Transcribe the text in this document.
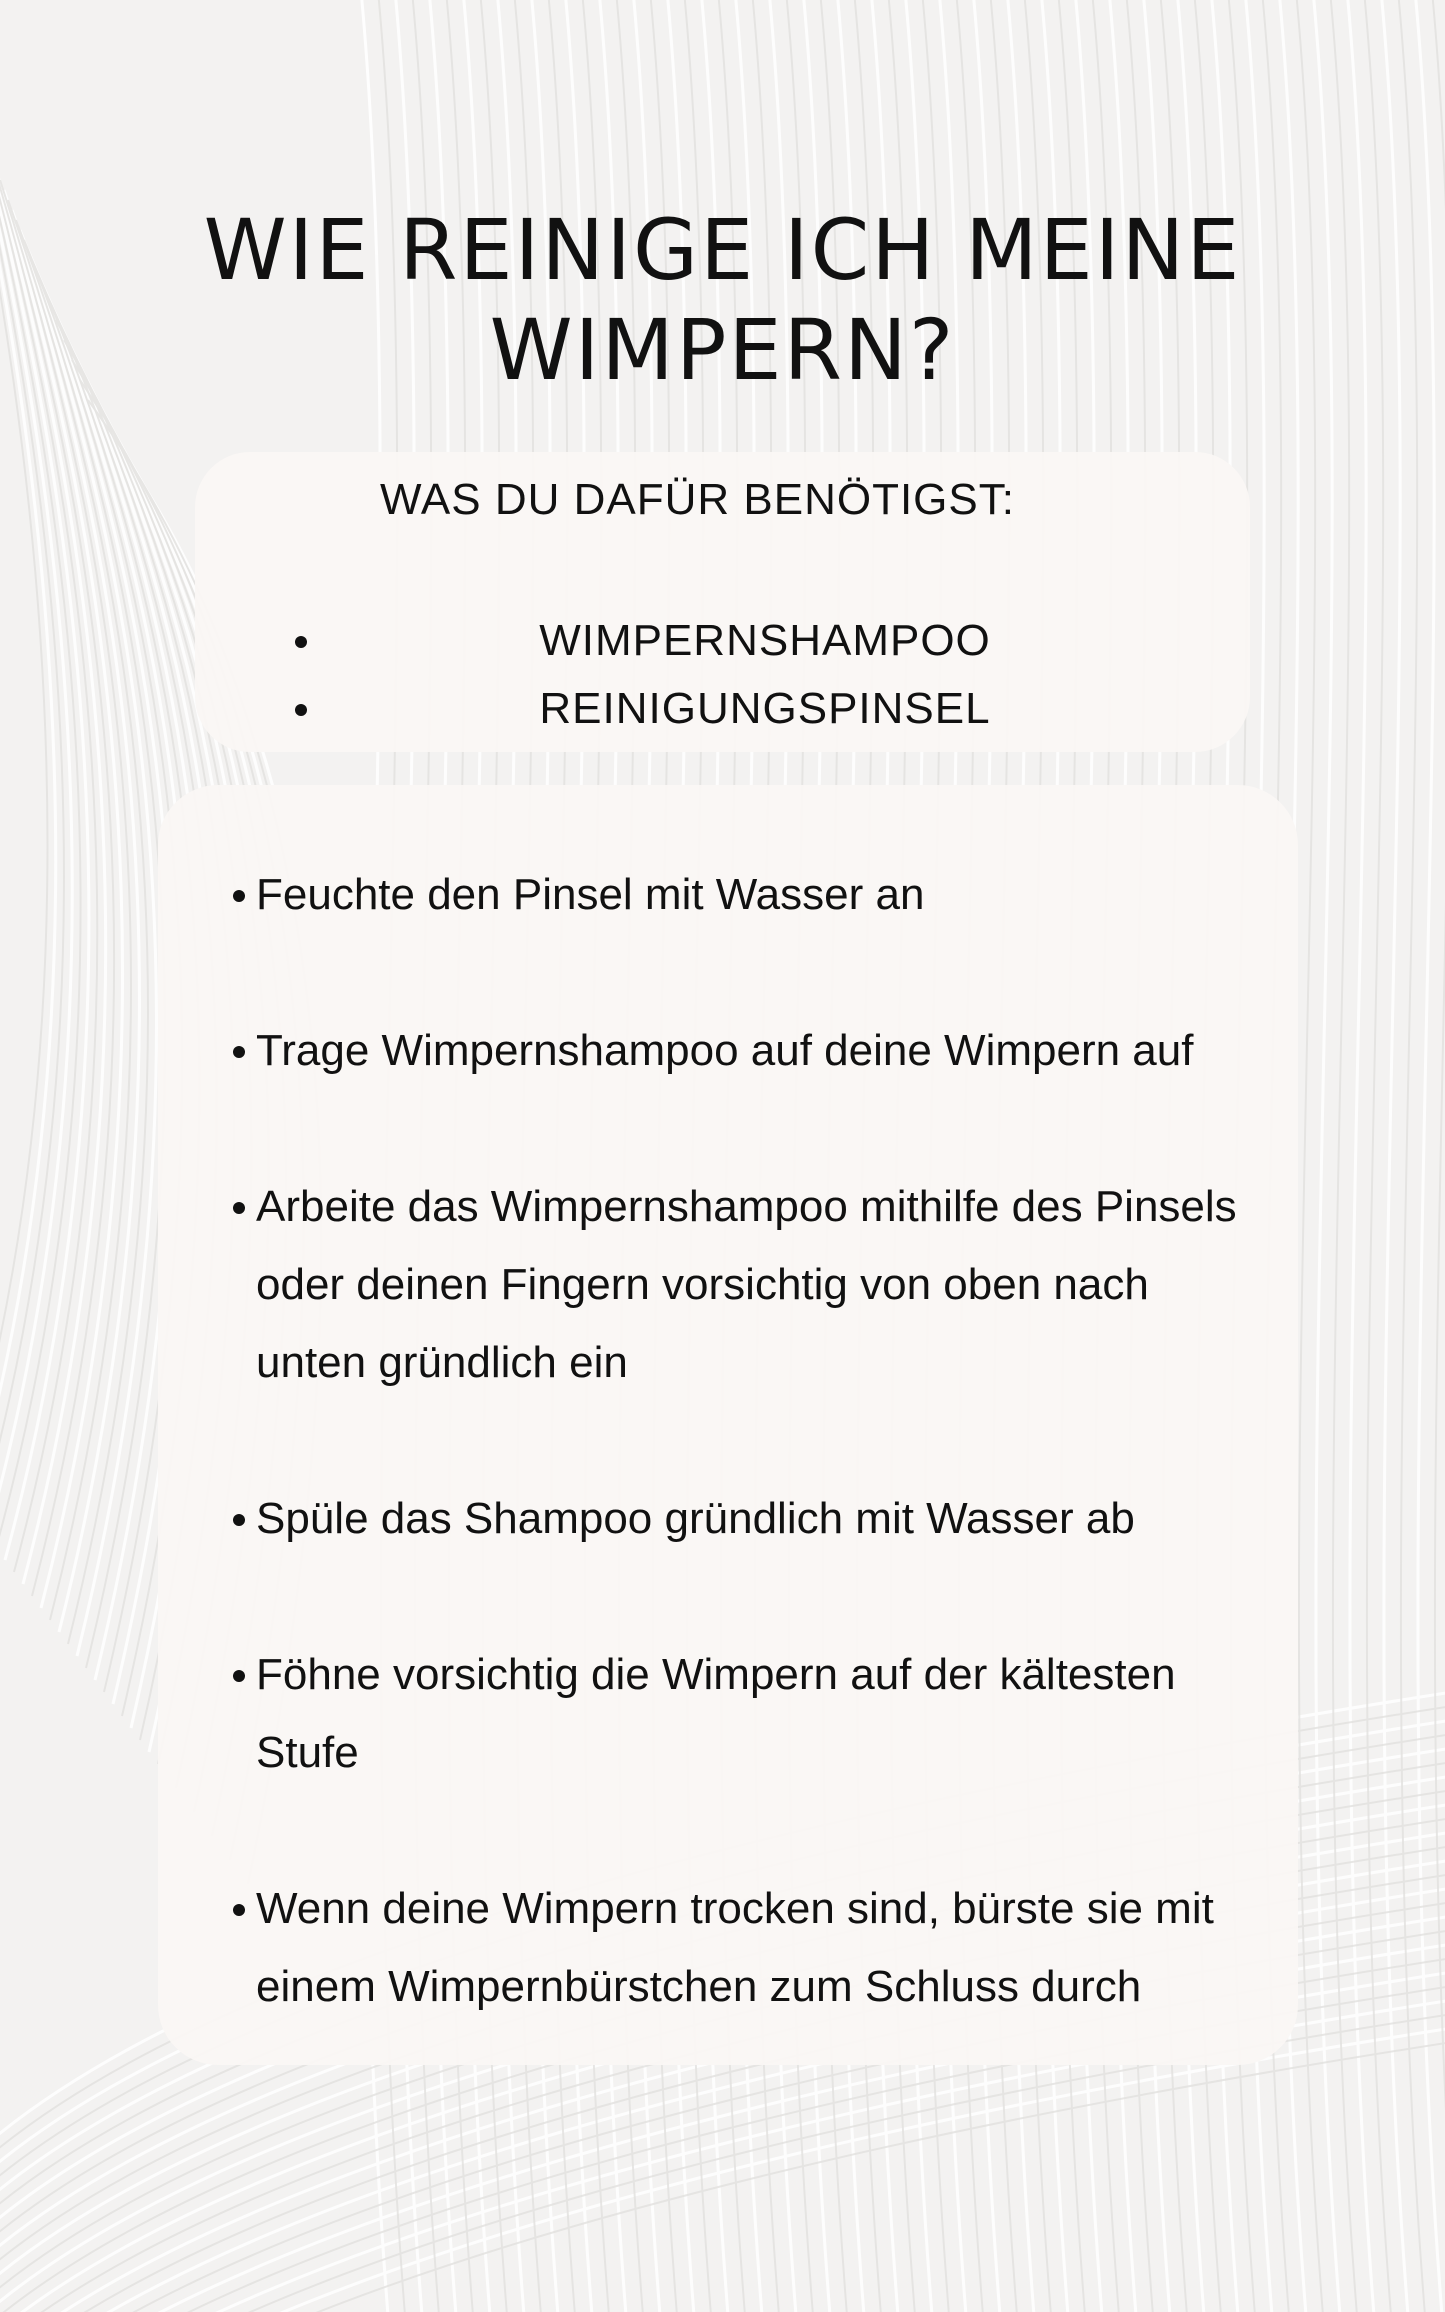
WIE REINIGE ICH MEINE
WIMPERN?
WAS DU DAFÜR BENÖTIGST:
WIMPERNSHAMPOO
REINIGUNGSPINSEL
Feuchte den Pinsel mit Wasser an
Trage Wimpernshampoo auf deine Wimpern auf
Arbeite das Wimpernshampoo mithilfe des Pinsels oder deinen Fingern vorsichtig von oben nach unten gründlich ein
Spüle das Shampoo gründlich mit Wasser ab
Föhne vorsichtig die Wimpern auf der kältesten Stufe
Wenn deine Wimpern trocken sind, bürste sie mit einem Wimpernbürstchen zum Schluss durch
